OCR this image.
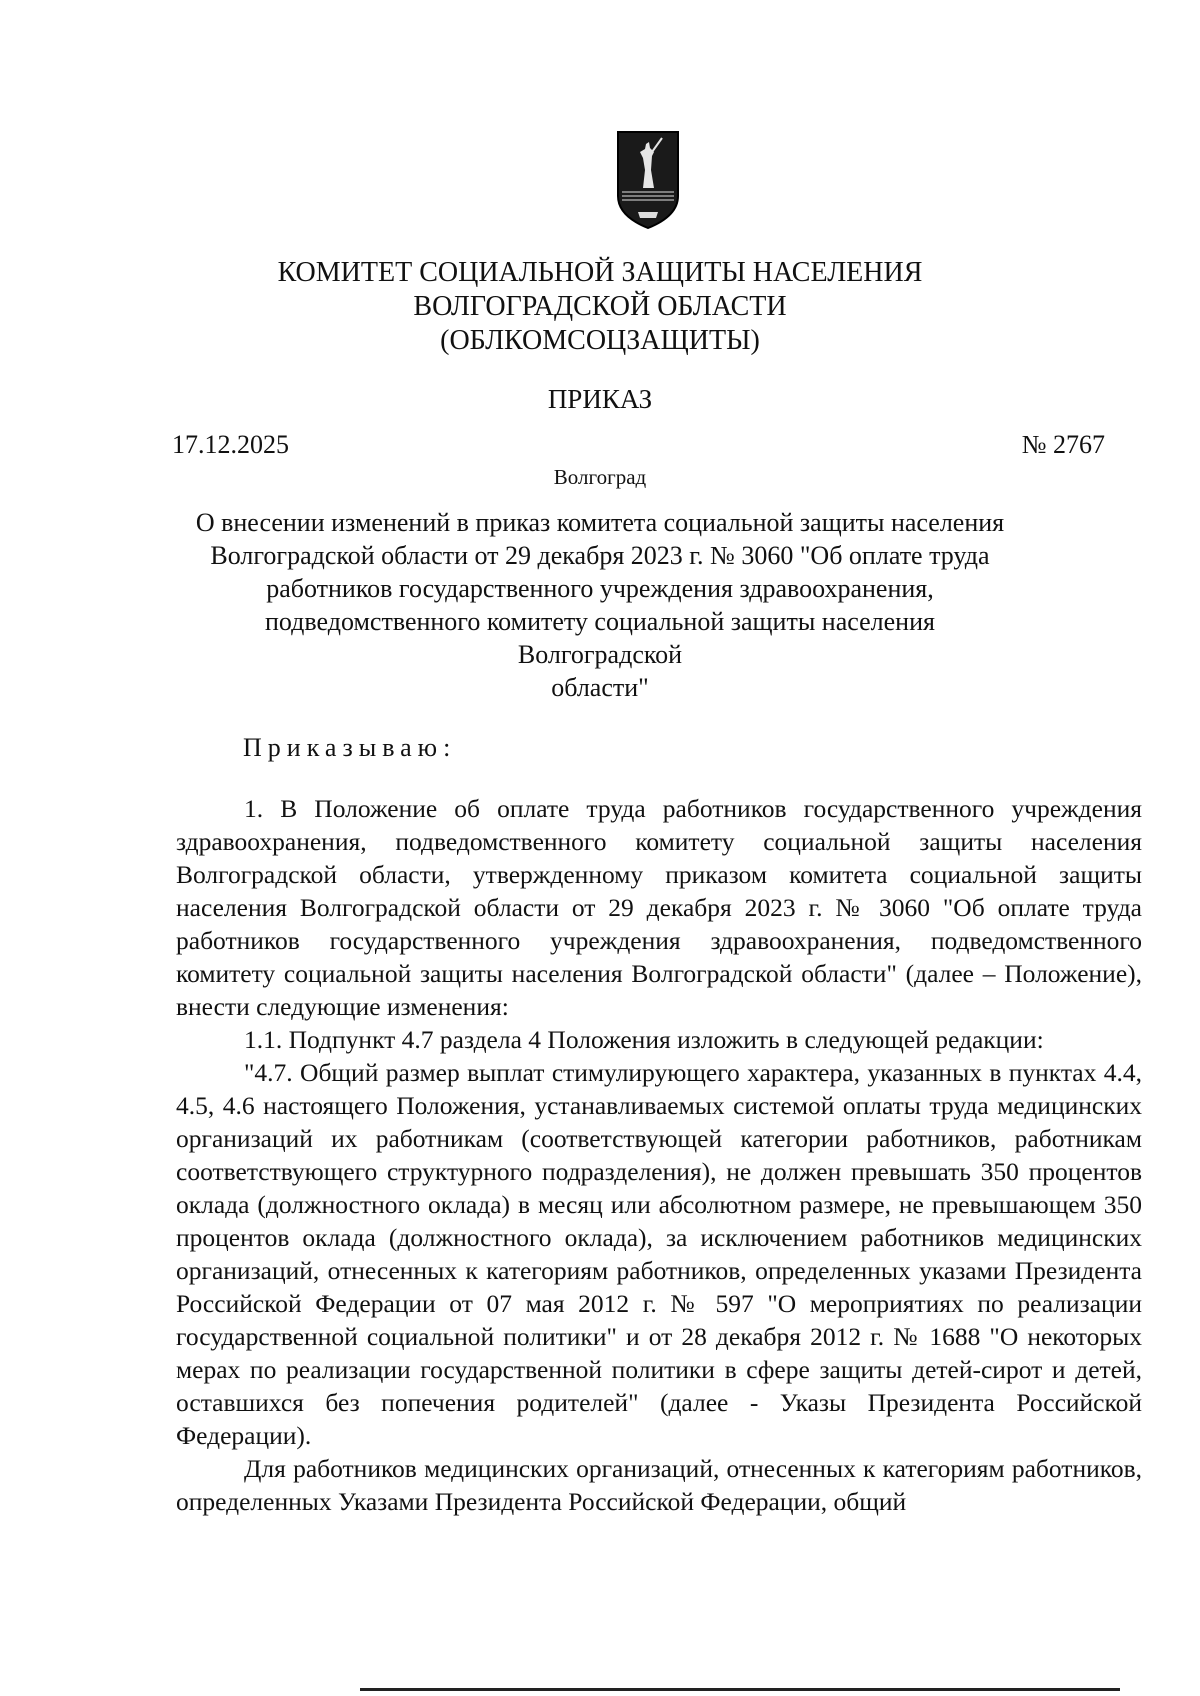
КОМИТЕТ СОЦИАЛЬНОЙ ЗАЩИТЫ НАСЕЛЕНИЯ
ВОЛГОГРАДСКОЙ ОБЛАСТИ
(ОБЛКОМСОЦЗАЩИТЫ)
ПРИКАЗ
17.12.2025	№ 2767
Волгоград
О внесении изменений в приказ комитета социальной защиты населения
Волгоградской области от 29 декабря 2023 г. № 3060 "Об оплате труда
работников государственного учреждения здравоохранения,
подведомственного комитету социальной защиты населения Волгоградской
области"
Приказываю:

1. В Положение об оплате труда работников государственного учреждения здравоохранения, подведомственного комитету социальной защиты населения Волгоградской области, утвержденному приказом комитета социальной защиты населения Волгоградской области от 29 декабря 2023 г. № 3060 "Об оплате труда работников государственного учреждения здравоохранения, подведомственного комитету социальной защиты населения Волгоградской области" (далее – Положение), внести следующие изменения:

1.1. Подпункт 4.7 раздела 4 Положения изложить в следующей редакции:

"4.7. Общий размер выплат стимулирующего характера, указанных в пунктах 4.4, 4.5, 4.6 настоящего Положения, устанавливаемых системой оплаты труда медицинских организаций их работникам (соответствующей категории работников, работникам соответствующего структурного подразделения), не должен превышать 350 процентов оклада (должностного оклада) в месяц или абсолютном размере, не превышающем 350 процентов оклада (должностного оклада), за исключением работников медицинских организаций, отнесенных к категориям работников, определенных указами Президента Российской Федерации от 07 мая 2012 г. № 597 "О мероприятиях по реализации государственной социальной политики" и от 28 декабря 2012 г. № 1688 "О некоторых мерах по реализации государственной политики в сфере защиты детей-сирот и детей, оставшихся без попечения родителей" (далее - Указы Президента Российской Федерации).

Для работников медицинских организаций, отнесенных к категориям работников, определенных Указами Президента Российской Федерации, общий
